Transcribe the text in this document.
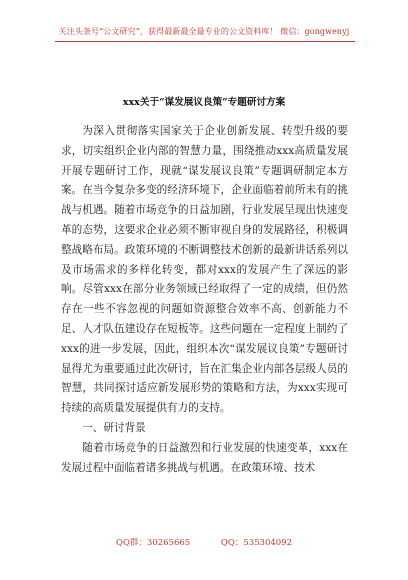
关注头条号“公文研究”，获得最新最全最专业的公文资料库！ 微信：gongwenyj
xxx关于“谋发展议良策”专题研讨方案

为深入贯彻落实国家关于企业创新发展、转型升级的要求，切实组织企业内部的智慧力量，围绕推动xxx高质量发展开展专题研讨工作，现就“谋发展议良策”专题调研制定本方案。在当今复杂多变的经济环境下，企业面临着前所未有的挑战与机遇。随着市场竞争的日益加剧，行业发展呈现出快速变革的态势，这要求企业必须不断审视自身的发展路径，积极调整战略布局。政策环境的不断调整技术创新的最新讲话系列以及市场需求的多样化转变，都对xxx的发展产生了深远的影响。尽管xxx在部分业务领域已经取得了一定的成绩，但仍然存在一些不容忽视的问题如资源整合效率不高、创新能力不足、人才队伍建设存在短板等。这些问题在一定程度上制约了xxx的进一步发展，因此，组织本次“谋发展议良策”专题研讨显得尤为重要通过此次研讨，旨在汇集企业内部各层级人员的智慧，共同探讨适应新发展形势的策略和方法，为xxx实现可持续的高质量发展提供有力的支持。

一、研讨背景

随着市场竞争的日益激烈和行业发展的快速变革，xxx在发展过程中面临着诸多挑战与机遇。在政策环境、技术

QQ群：30265665	QQ：535304092
